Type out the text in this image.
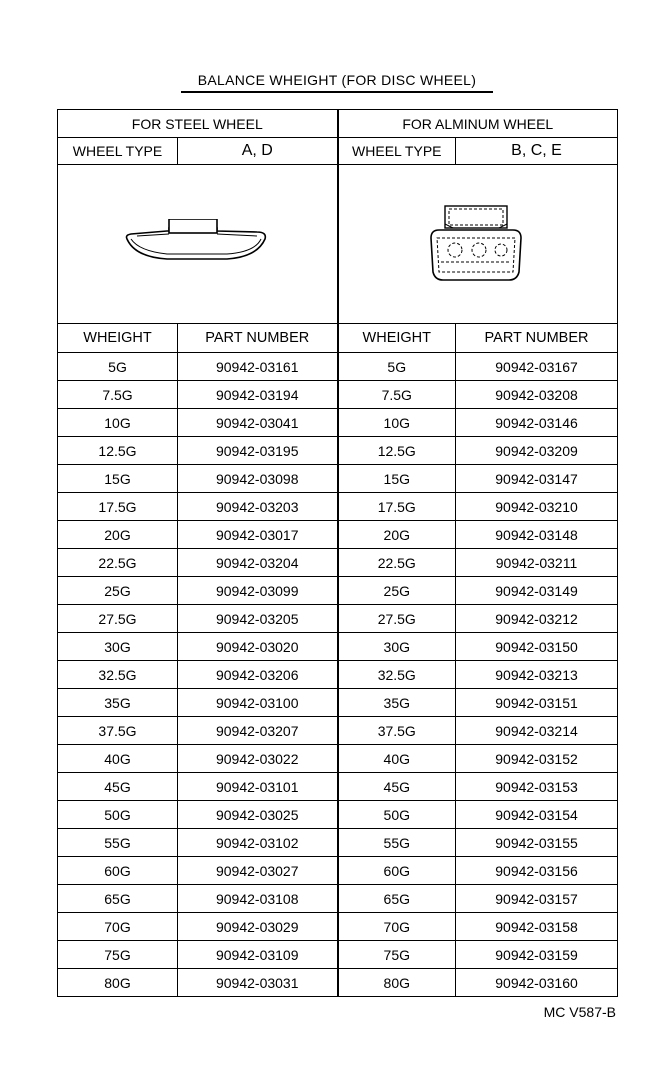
BALANCE WHEIGHT (FOR DISC WHEEL)
FOR STEEL WHEEL		FOR ALMINUM WHEEL	
WHEEL TYPE	A, D	WHEEL TYPE	B, C, E

WHEIGHT	PART NUMBER	WHEIGHT	PART NUMBER
5G	90942-03161	5G	90942-03167
7.5G	90942-03194	7.5G	90942-03208
10G	90942-03041	10G	90942-03146
12.5G	90942-03195	12.5G	90942-03209
15G	90942-03098	15G	90942-03147
17.5G	90942-03203	17.5G	90942-03210
20G	90942-03017	20G	90942-03148
22.5G	90942-03204	22.5G	90942-03211
25G	90942-03099	25G	90942-03149
27.5G	90942-03205	27.5G	90942-03212
30G	90942-03020	30G	90942-03150
32.5G	90942-03206	32.5G	90942-03213
35G	90942-03100	35G	90942-03151
37.5G	90942-03207	37.5G	90942-03214
40G	90942-03022	40G	90942-03152
45G	90942-03101	45G	90942-03153
50G	90942-03025	50G	90942-03154
55G	90942-03102	55G	90942-03155
60G	90942-03027	60G	90942-03156
65G	90942-03108	65G	90942-03157
70G	90942-03029	70G	90942-03158
75G	90942-03109	75G	90942-03159
80G	90942-03031	80G	90942-03160
MC V587-B
